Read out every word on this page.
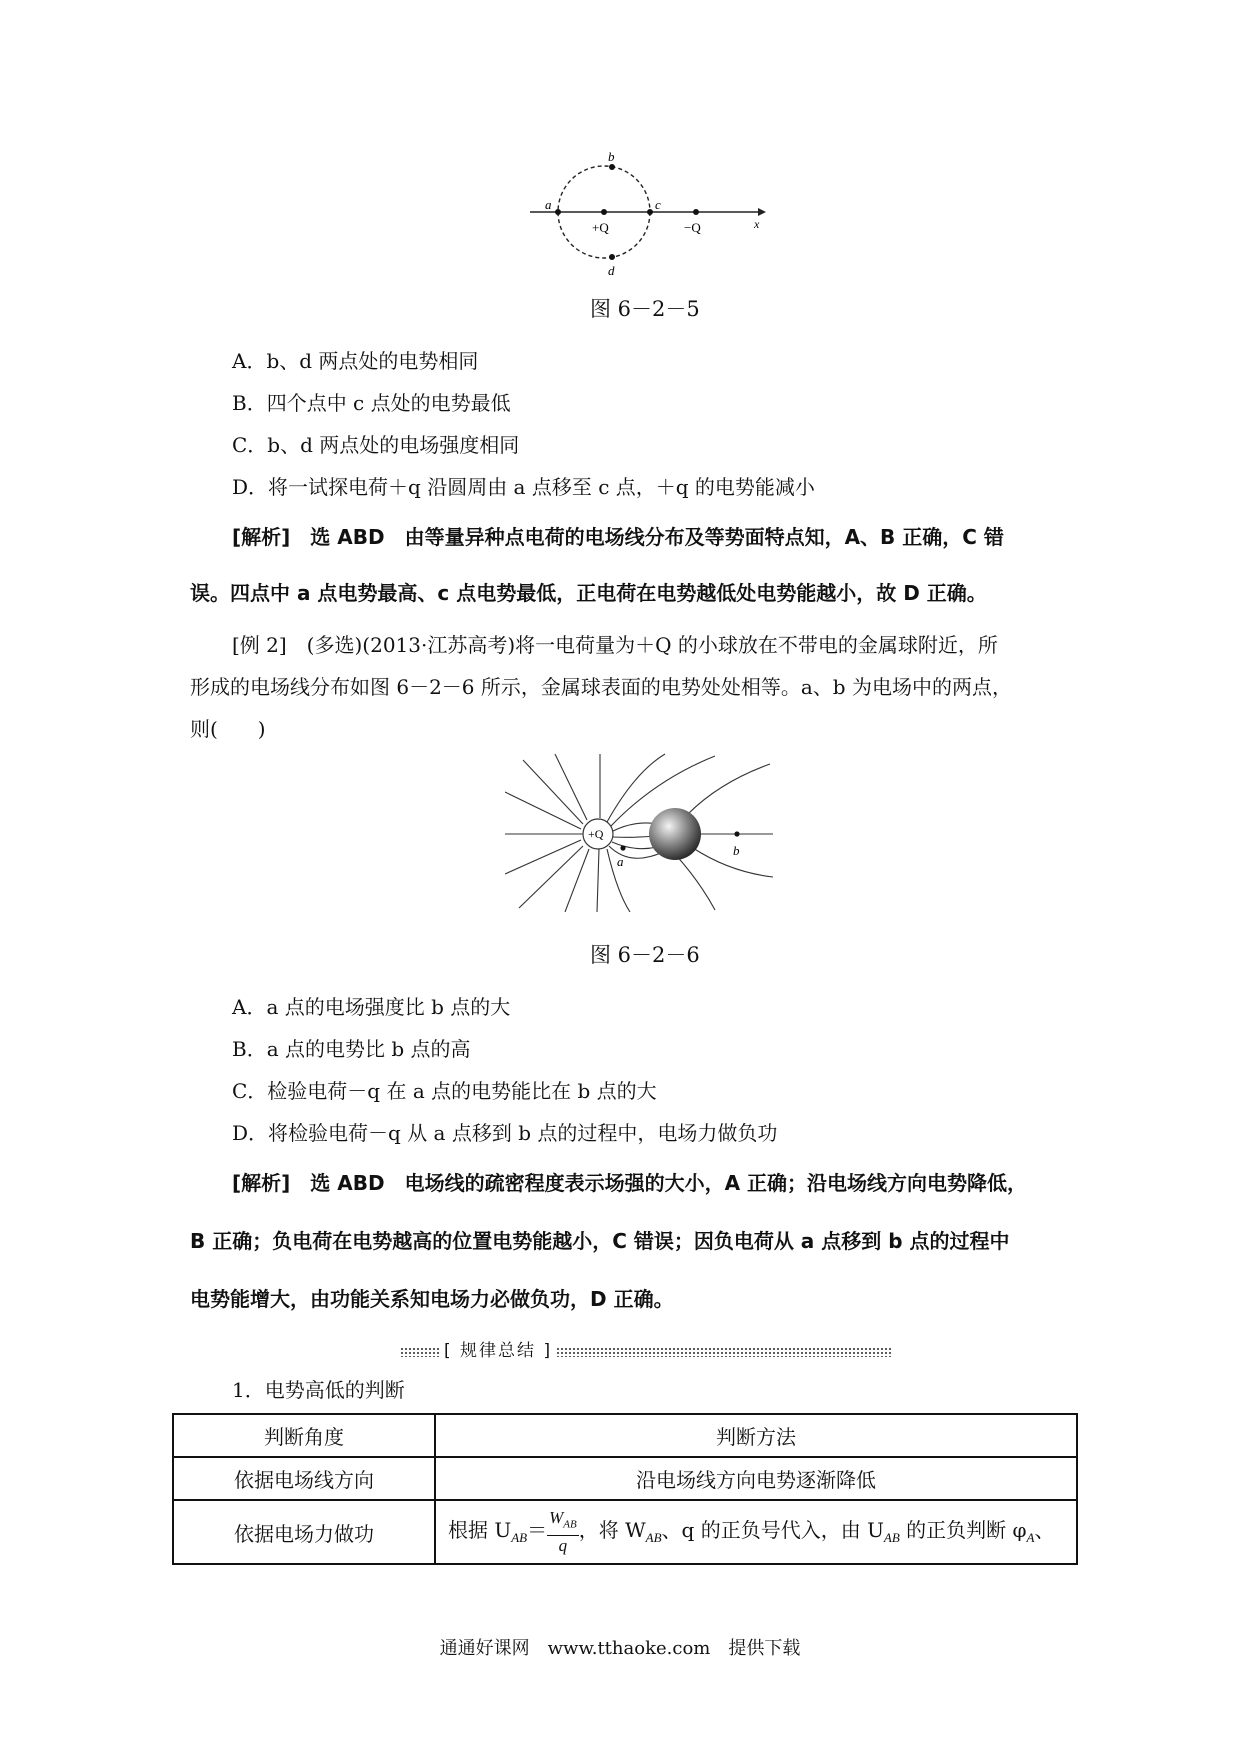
a
b
c
d
+Q	−Q	x
图 6－2－5
A．b、d 两点处的电势相同
B．四个点中 c 点处的电势最低
C．b、d 两点处的电场强度相同
D．将一试探电荷＋q 沿圆周由 a 点移至 c 点，＋q 的电势能减小
[解析]　选 ABD　由等量异种点电荷的电场线分布及等势面特点知，A、B 正确，C 错
误。四点中 a 点电势最高、c 点电势最低，正电荷在电势越低处电势能越小，故 D 正确。
[例 2]　(多选)(2013·江苏高考)将一电荷量为＋Q 的小球放在不带电的金属球附近，所
形成的电场线分布如图 6－2－6 所示，金属球表面的电势处处相等。a、b 为电场中的两点，
则(　　)
+Q
a
b
图 6－2－6
A．a 点的电场强度比 b 点的大
B．a 点的电势比 b 点的高
C．检验电荷－q 在 a 点的电势能比在 b 点的大
D．将检验电荷－q 从 a 点移到 b 点的过程中，电场力做负功
[解析]　选 ABD　电场线的疏密程度表示场强的大小，A 正确；沿电场线方向电势降低，
B 正确；负电荷在电势越高的位置电势能越小，C 错误；因负电荷从 a 点移到 b 点的过程中
电势能增大，由功能关系知电场力必做负功，D 正确。
[ 规律总结 ]
1．电势高低的判断
判断角度	判断方法
依据电场线方向	沿电场线方向电势逐渐降低
依据电场力做功	根据 $U_{AB}=$
$W_{AB}$
q
，将 $W_{AB}$、q 的正负号代入，由 $U_{AB}$ 的正负判断 $\varphi_A$、
通通好课网　www.tthaoke.com　提供下载
